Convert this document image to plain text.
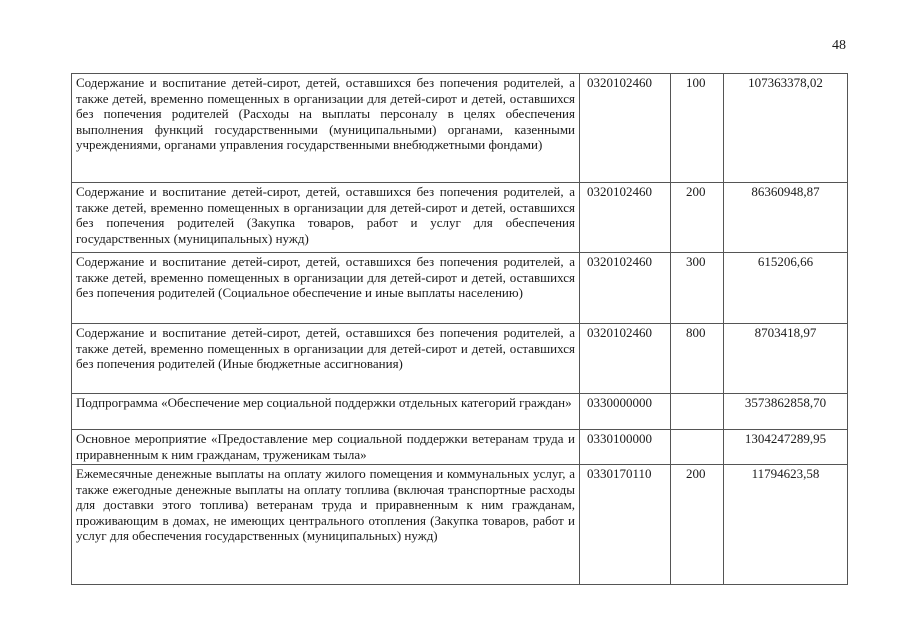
48
Содержание и воспитание детей-сирот, детей, оставшихся без попечения родителей, а также детей, временно помещенных в организации для детей-сирот и детей, оставшихся без попечения родителей (Расходы на выплаты персоналу в целях обеспечения выполнения функций государственными (муниципальными) органами, казенными учреждениями, органами управления государственными внебюджетными фондами)	0320102460	100	107363378,02
Содержание и воспитание детей-сирот, детей, оставшихся без попечения родителей, а также детей, временно помещенных в организации для детей-сирот и детей, оставшихся без попечения родителей (Закупка товаров, работ и услуг для обеспечения государственных (муниципальных) нужд)	0320102460	200	86360948,87
Содержание и воспитание детей-сирот, детей, оставшихся без попечения родителей, а также детей, временно помещенных в организации для детей-сирот и детей, оставшихся без попечения родителей (Социальное обеспечение и иные выплаты населению)	0320102460	300	615206,66
Содержание и воспитание детей-сирот, детей, оставшихся без попечения родителей, а также детей, временно помещенных в организации для детей-сирот и детей, оставшихся без попечения родителей (Иные бюджетные ассигнования)	0320102460	800	8703418,97
Подпрограмма «Обеспечение мер социальной поддержки отдельных категорий граждан»	0330000000		3573862858,70
Основное мероприятие «Предоставление мер социальной поддержки ветеранам труда и приравненным к ним гражданам, труженикам тыла»	0330100000		1304247289,95
Ежемесячные денежные выплаты на оплату жилого помещения и коммунальных услуг, а также ежегодные денежные выплаты на оплату топлива (включая транспортные расходы для доставки этого топлива) ветеранам труда и приравненным к ним гражданам, проживающим в домах, не имеющих центрального отопления (Закупка товаров, работ и услуг для обеспечения государственных (муниципальных) нужд)	0330170110	200	11794623,58
